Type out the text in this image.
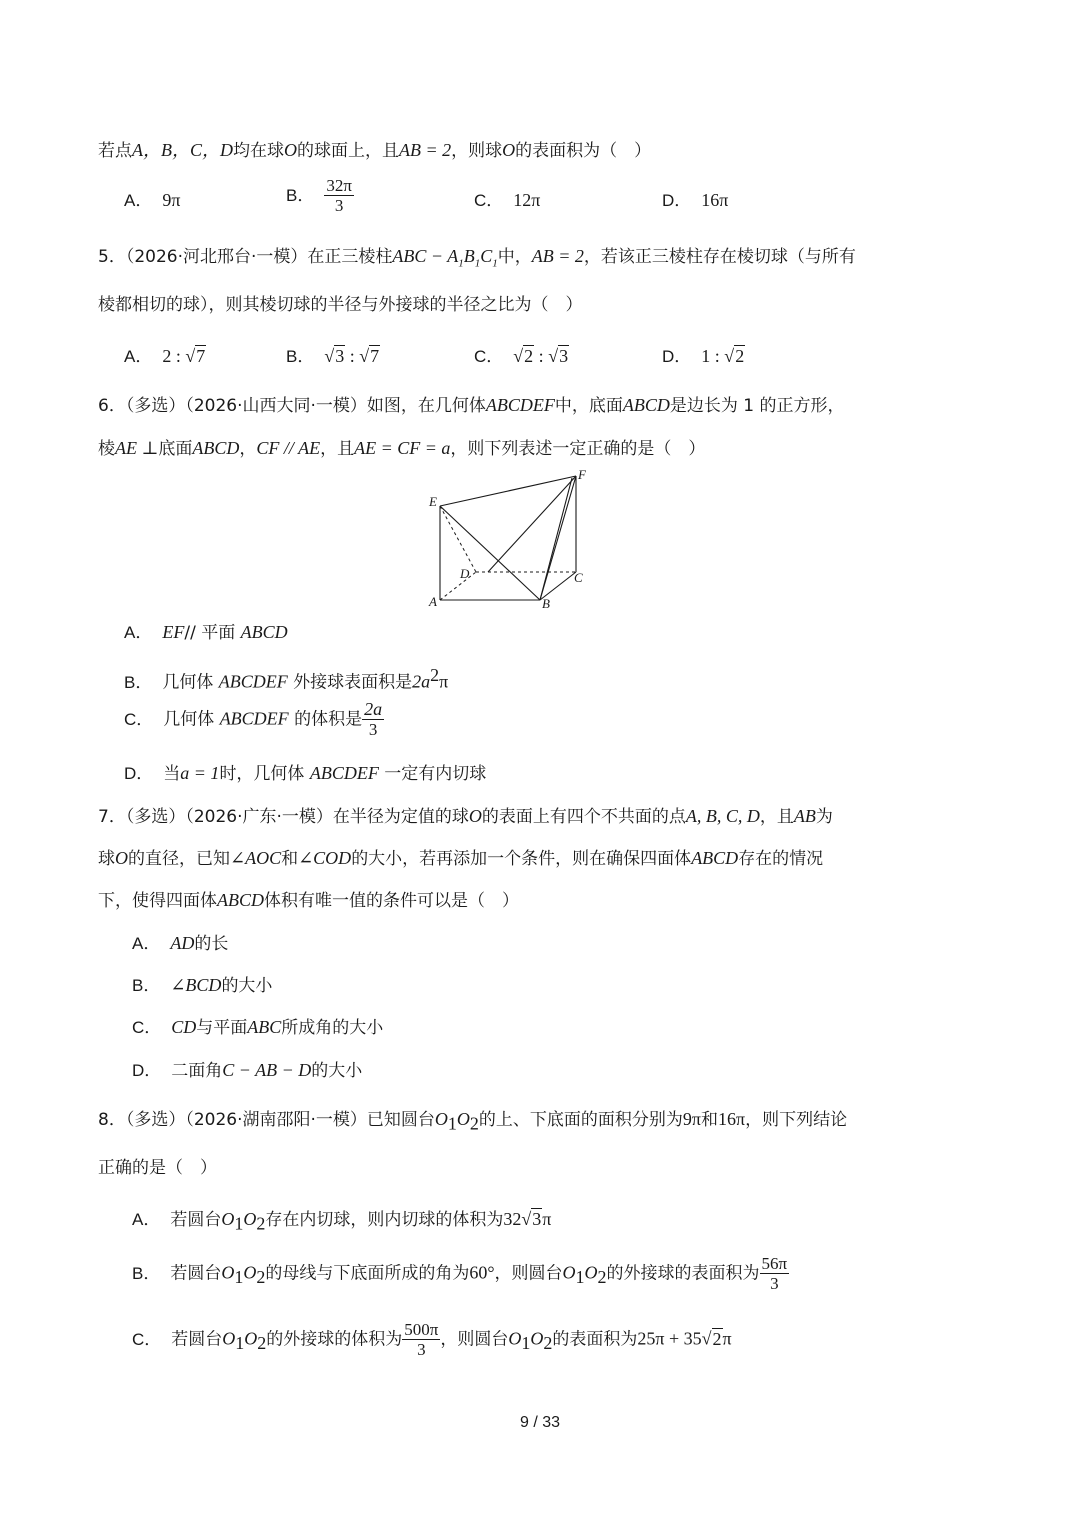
若点A，B，C，D均在球O的球面上，且AB = 2，则球O的表面积为（　）
A． 9π	B． $\frac{32\pi}{3}$	C． 12π	D． 16π
5．（2026·河北邢台·一模）在正三棱柱ABC − $A_1B_1C_1$中，AB = 2，若该正三棱柱存在棱切球（与所有
棱都相切的球），则其棱切球的半径与外接球的半径之比为（　）
A． 2 : √7	B． √3 : √7	C． √2 : √3	D． 1 : √2
6．（多选）（2026·山西大同·一模）如图，在几何体ABCDEF中，底面ABCD是边长为 1 的正方形，
棱AE ⊥底面ABCD，CF // AE，且AE = CF = a，则下列表述一定正确的是（　）
E
F
D	C
A	B
A． EF// 平面 ABCD
B． 几何体 ABCDEF 外接球表面积是$2a^2\pi$
C． 几何体 ABCDEF 的体积是 $\frac{2a}{3}$
D． 当a = 1时，几何体 ABCDEF 一定有内切球
7．（多选）（2026·广东·一模）在半径为定值的球O的表面上有四个不共面的点A, B, C, D，且AB为
球O的直径，已知∠AOC和∠COD的大小，若再添加一个条件，则在确保四面体ABCD存在的情况
下，使得四面体ABCD体积有唯一值的条件可以是（　）
A． AD的长
B． ∠BCD的大小
C． CD与平面ABC所成角的大小
D． 二面角C − AB − D的大小
8．（多选）（2026·湖南邵阳·一模）已知圆台$O_1O_2$的上、下底面的面积分别为9π和16π，则下列结论
正确的是（　）
A． 若圆台$O_1O_2$存在内切球，则内切球的体积为32√3π
B． 若圆台$O_1O_2$的母线与下底面所成的角为60°，则圆台$O_1O_2$的外接球的表面积为 $\frac{56\pi}{3}$
C． 若圆台$O_1O_2$的外接球的体积为 $\frac{500\pi}{3}$ ，则圆台$O_1O_2$的表面积为25π + 35√2π
9 / 33
